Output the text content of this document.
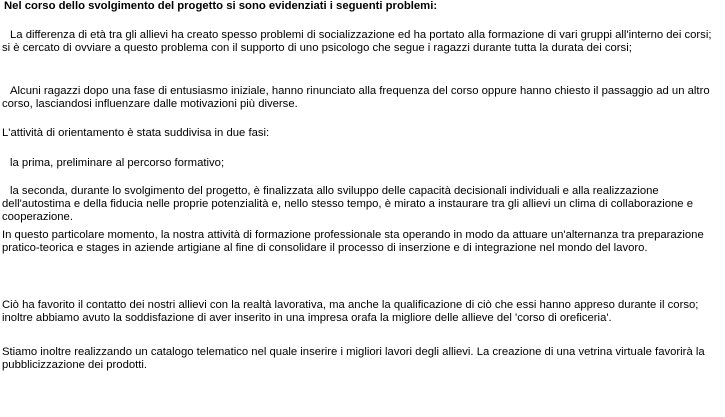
Nel corso dello svolgimento del progetto si sono evidenziati i seguenti problemi:

La differenza di età tra gli allievi ha creato spesso problemi di socializzazione ed ha portato alla formazione di vari gruppi all'interno dei corsi; si è cercato di ovviare a questo problema con il supporto di uno psicologo che segue i ragazzi durante tutta la durata dei corsi;

Alcuni ragazzi dopo una fase di entusiasmo iniziale, hanno rinunciato alla frequenza del corso oppure hanno chiesto il passaggio ad un altro corso, lasciandosi influenzare dalle motivazioni più diverse.

L'attività di orientamento è stata suddivisa in due fasi:

la prima, preliminare al percorso formativo;

la seconda, durante lo svolgimento del progetto, è finalizzata allo sviluppo delle capacità decisionali individuali e alla realizzazione dell'autostima e della fiducia nelle proprie potenzialità e, nello stesso tempo, è mirato a instaurare tra gli allievi un clima di collaborazione e cooperazione.

In questo particolare momento, la nostra attività di formazione professionale sta operando in modo da attuare un'alternanza tra preparazione pratico-teorica e stages in aziende artigiane al fine di consolidare il processo di inserzione e di integrazione nel mondo del lavoro.

Ciò ha favorito il contatto dei nostri allievi con la realtà lavorativa, ma anche la qualificazione di ciò che essi hanno appreso durante il corso; inoltre abbiamo avuto la soddisfazione di aver inserito in una impresa orafa la migliore delle allieve del 'corso di oreficeria'.

Stiamo inoltre realizzando un catalogo telematico nel quale inserire i migliori lavori degli allievi. La creazione di una vetrina virtuale favorirà la pubblicizzazione dei prodotti.
